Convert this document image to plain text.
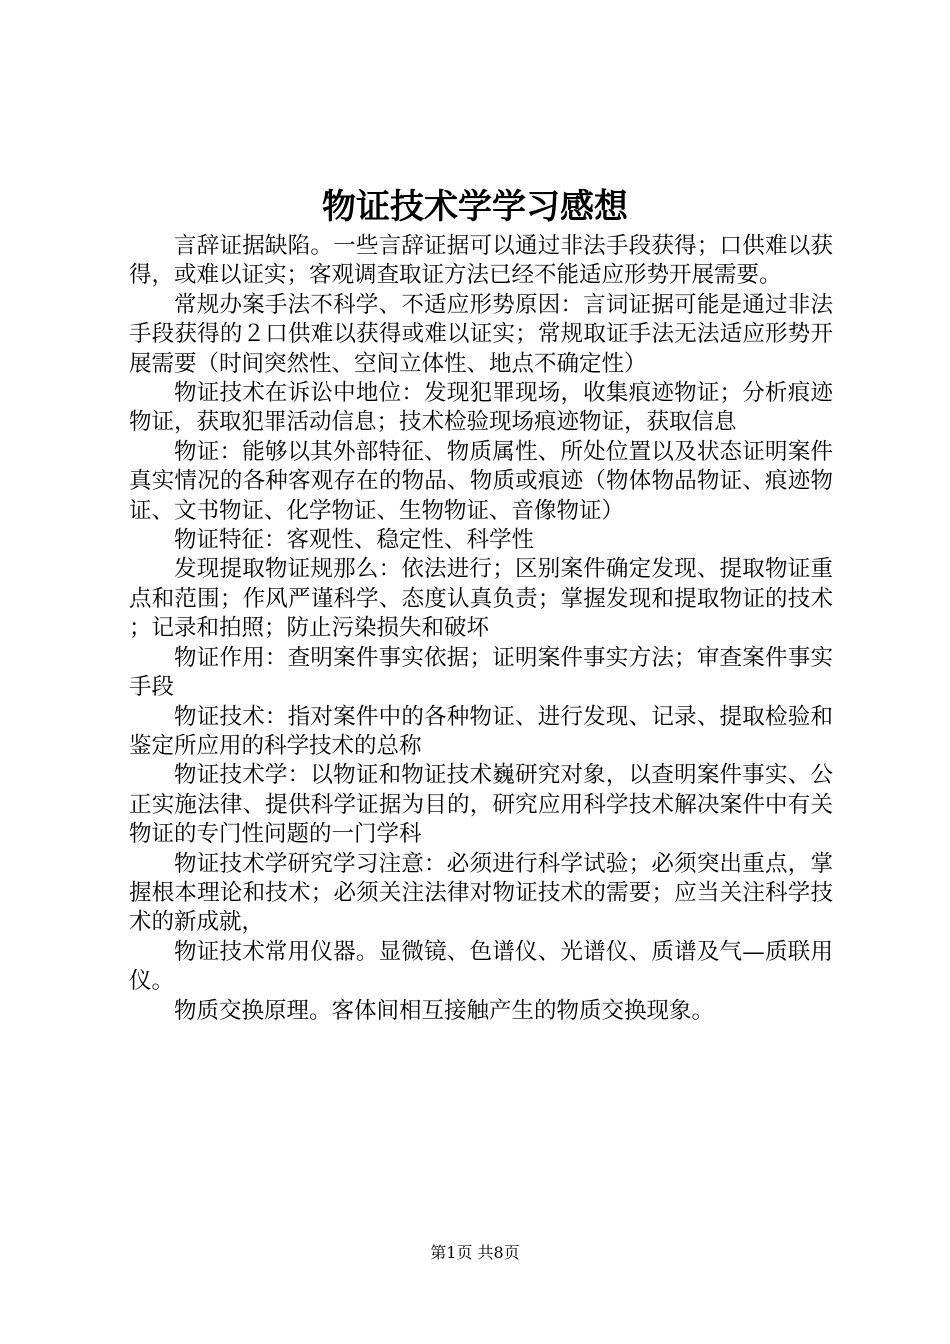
物证技术学学习感想

言辞证据缺陷。一些言辞证据可以通过非法手段获得；口供难以获得，或难以证实；客观调查取证方法已经不能适应形势开展需要。

常规办案手法不科学、不适应形势原因：言词证据可能是通过非法手段获得的２口供难以获得或难以证实；常规取证手法无法适应形势开展需要（时间突然性、空间立体性、地点不确定性）

物证技术在诉讼中地位：发现犯罪现场，收集痕迹物证；分析痕迹物证，获取犯罪活动信息；技术检验现场痕迹物证，获取信息

物证：能够以其外部特征、物质属性、所处位置以及状态证明案件真实情况的各种客观存在的物品、物质或痕迹（物体物品物证、痕迹物证、文书物证、化学物证、生物物证、音像物证）

物证特征：客观性、稳定性、科学性

发现提取物证规那么：依法进行；区别案件确定发现、提取物证重点和范围；作风严谨科学、态度认真负责；掌握发现和提取物证的技术；记录和拍照；防止污染损失和破坏

物证作用：查明案件事实依据；证明案件事实方法；审查案件事实手段

物证技术：指对案件中的各种物证、进行发现、记录、提取检验和鉴定所应用的科学技术的总称

物证技术学：以物证和物证技术巍研究对象，以查明案件事实、公正实施法律、提供科学证据为目的，研究应用科学技术解决案件中有关物证的专门性问题的一门学科

物证技术学研究学习注意：必须进行科学试验；必须突出重点，掌握根本理论和技术；必须关注法律对物证技术的需要；应当关注科学技术的新成就，

物证技术常用仪器。显微镜、色谱仪、光谱仪、质谱及气—质联用仪。

物质交换原理。客体间相互接触产生的物质交换现象。

第1页 共8页
